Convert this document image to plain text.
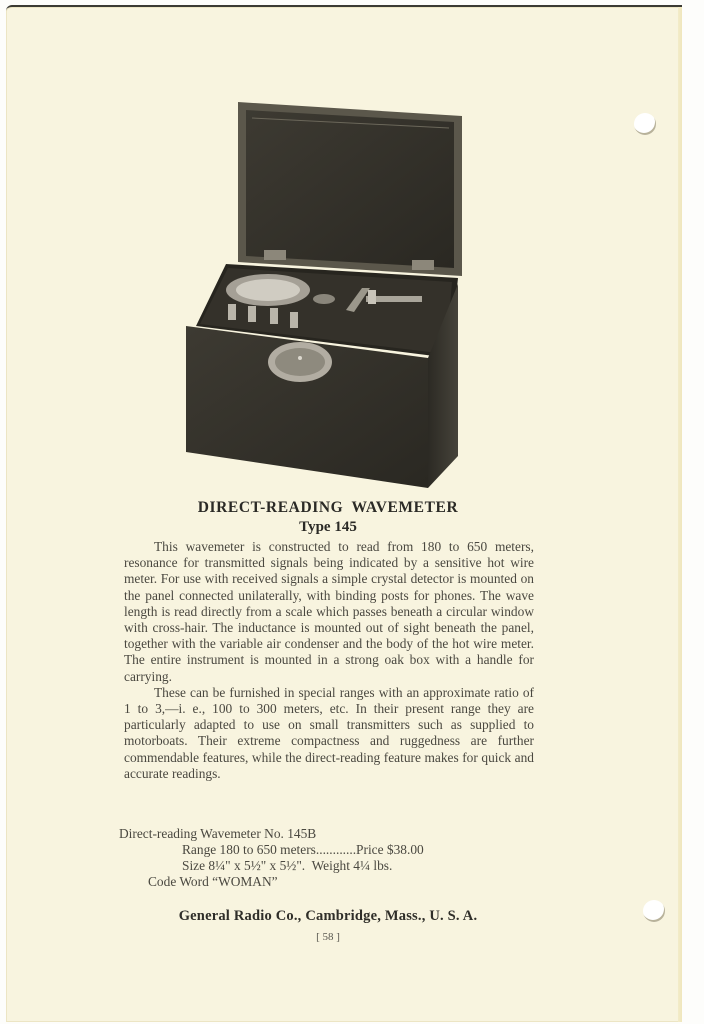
DIRECT-READING WAVEMETER
Type 145

This wavemeter is constructed to read from 180 to 650 meters, resonance for transmitted signals being indicated by a sensitive hot wire meter. For use with received signals a simple crystal detector is mounted on the panel connected unilaterally, with binding posts for phones. The wave length is read directly from a scale which passes beneath a circular window with cross-hair. The inductance is mounted out of sight beneath the panel, together with the variable air condenser and the body of the hot wire meter. The entire instrument is mounted in a strong oak box with a handle for carrying.

These can be furnished in special ranges with an approximate ratio of 1 to 3,—i. e., 100 to 300 meters, etc. In their present range they are particularly adapted to use on small transmitters such as supplied to motorboats. Their extreme compactness and ruggedness are further commendable features, while the direct-reading feature makes for quick and accurate readings.

Direct-reading Wavemeter No. 145B
Range 180 to 650 meters............Price $38.00
Size 8¼" x 5½" x 5½".  Weight 4¼ lbs.
Code Word “WOMAN”
General Radio Co., Cambridge, Mass., U. S. A.
[ 58 ]
